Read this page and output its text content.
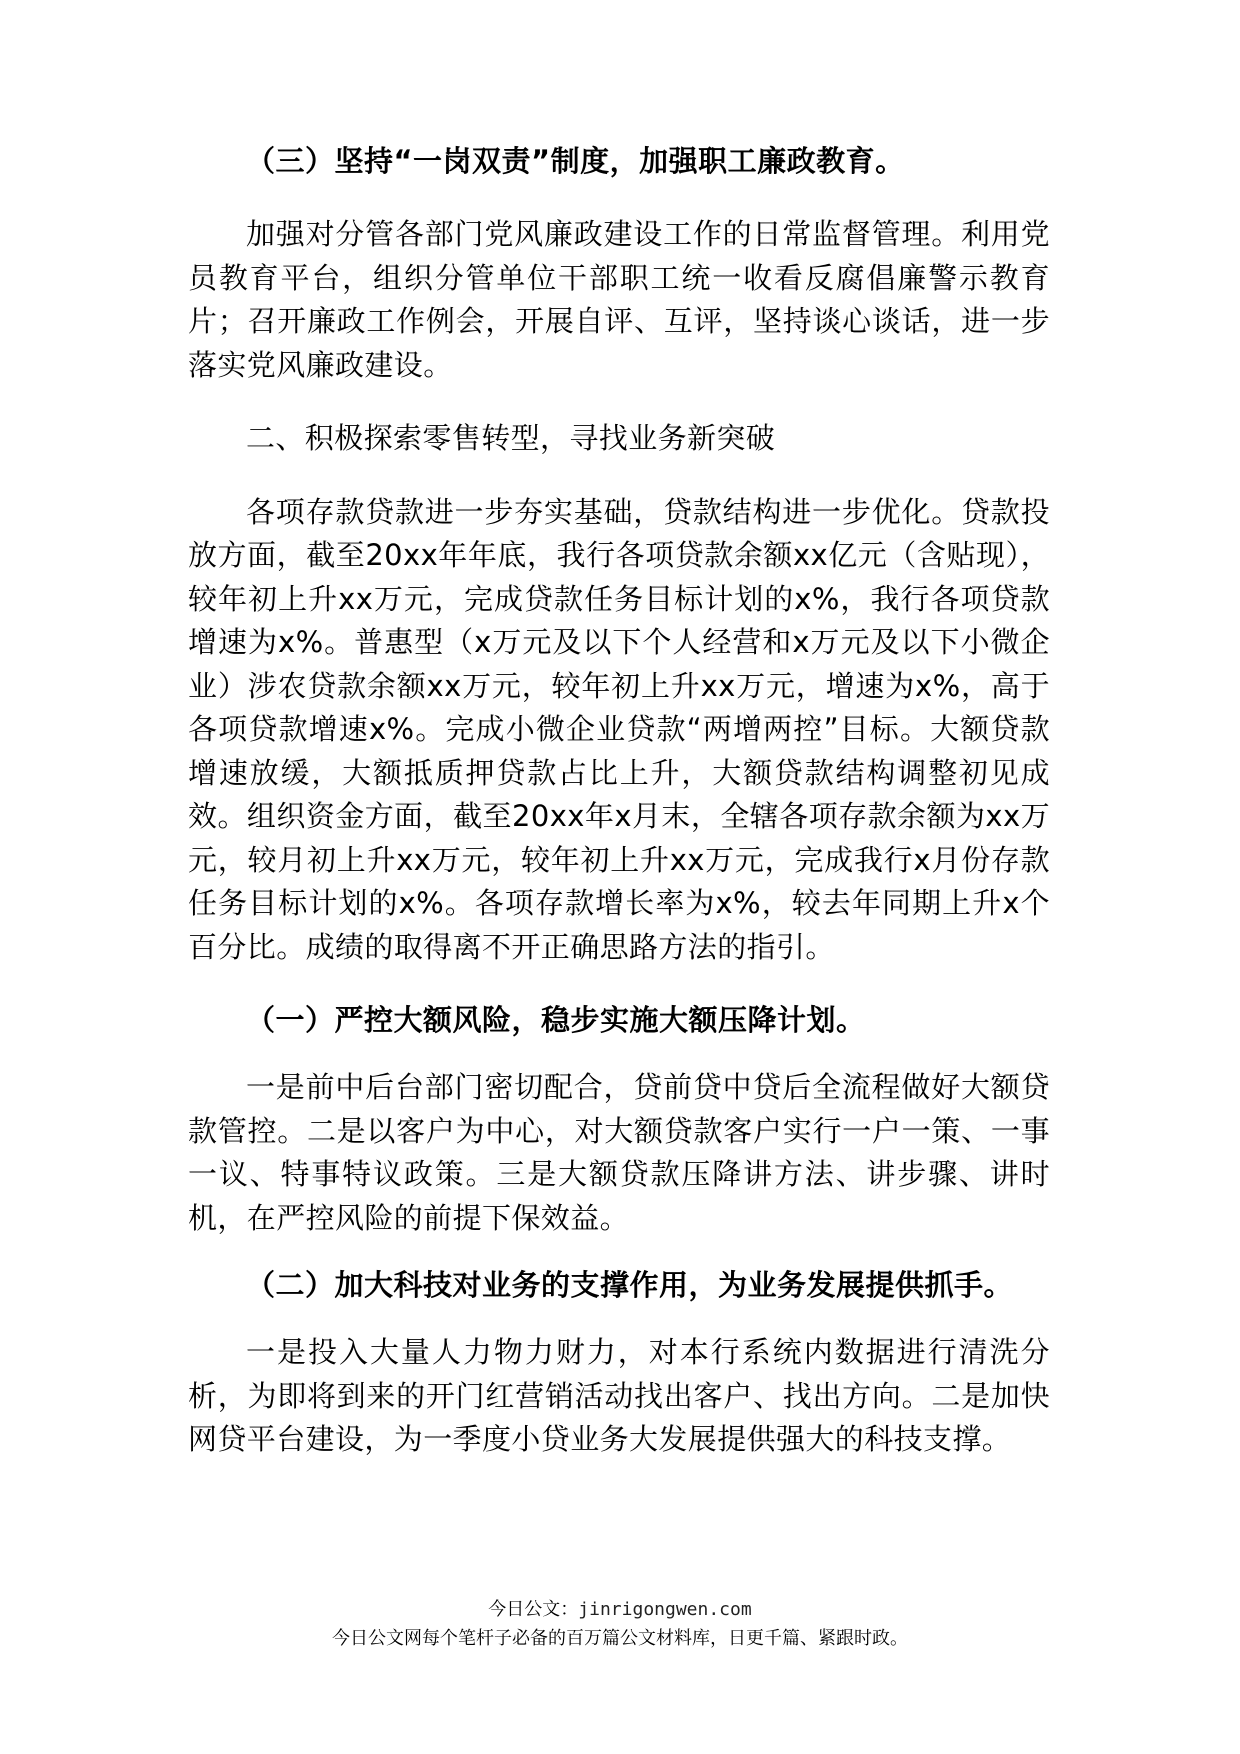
（三）坚持“一岗双责”制度，加强职工廉政教育。

加强对分管各部门党风廉政建设工作的日常监督管理。利用党员教育平台，组织分管单位干部职工统一收看反腐倡廉警示教育片；召开廉政工作例会，开展自评、互评，坚持谈心谈话，进一步落实党风廉政建设。

二、积极探索零售转型，寻找业务新突破

各项存款贷款进一步夯实基础，贷款结构进一步优化。贷款投放方面，截至20xx年年底，我行各项贷款余额xx亿元（含贴现），较年初上升xx万元，完成贷款任务目标计划的x%，我行各项贷款增速为x%。普惠型（x万元及以下个人经营和x万元及以下小微企业）涉农贷款余额xx万元，较年初上升xx万元，增速为x%，高于各项贷款增速x%。完成小微企业贷款“两增两控”目标。大额贷款增速放缓，大额抵质押贷款占比上升，大额贷款结构调整初见成效。组织资金方面，截至20xx年x月末，全辖各项存款余额为xx万元，较月初上升xx万元，较年初上升xx万元，完成我行x月份存款任务目标计划的x%。各项存款增长率为x%，较去年同期上升x个百分比。成绩的取得离不开正确思路方法的指引。

（一）严控大额风险，稳步实施大额压降计划。

一是前中后台部门密切配合，贷前贷中贷后全流程做好大额贷款管控。二是以客户为中心，对大额贷款客户实行一户一策、一事一议、特事特议政策。三是大额贷款压降讲方法、讲步骤、讲时机，在严控风险的前提下保效益。

（二）加大科技对业务的支撑作用，为业务发展提供抓手。

一是投入大量人力物力财力，对本行系统内数据进行清洗分析，为即将到来的开门红营销活动找出客户、找出方向。二是加快网贷平台建设，为一季度小贷业务大发展提供强大的科技支撑。

今日公文：jinrigongwen.com
今日公文网每个笔杆子必备的百万篇公文材料库，日更千篇、紧跟时政。
